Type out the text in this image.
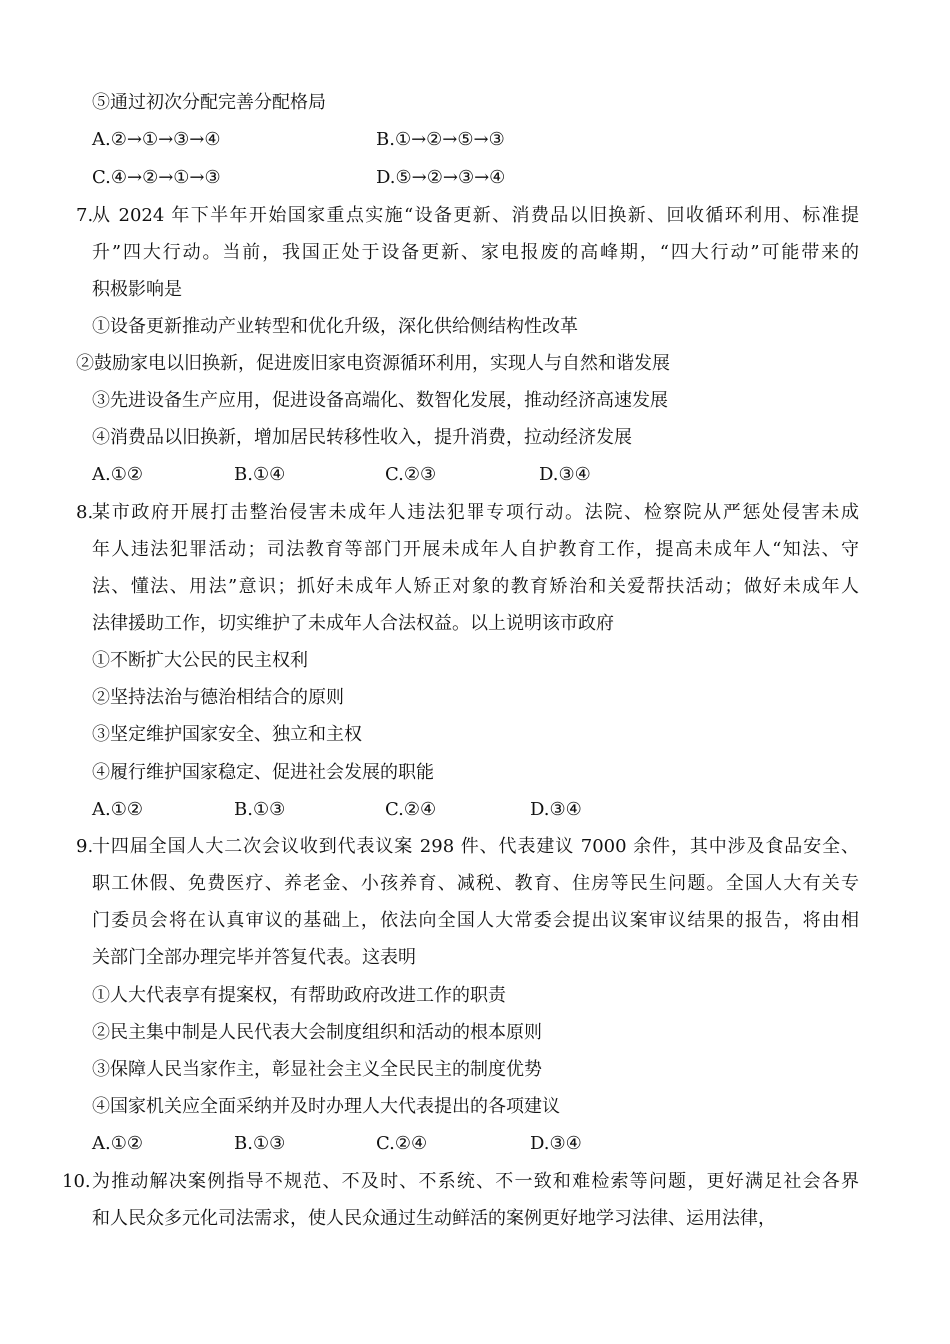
⑤通过初次分配完善分配格局
A.②→①→③→④	B.①→②→⑤→③
C.④→②→①→③	D.⑤→②→③→④
7.
从 2024 年下半年开始国家重点实施“设备更新、消费品以旧换新、回收循环利用、标准提
升”四大行动。当前，我国正处于设备更新、家电报废的高峰期，“四大行动”可能带来的
积极影响是
①设备更新推动产业转型和优化升级，深化供给侧结构性改革
②鼓励家电以旧换新，促进废旧家电资源循环利用，实现人与自然和谐发展
③先进设备生产应用，促进设备高端化、数智化发展，推动经济高速发展
④消费品以旧换新，增加居民转移性收入，提升消费，拉动经济发展
A.①②	B.①④	C.②③	D.③④
8.
某市政府开展打击整治侵害未成年人违法犯罪专项行动。法院、检察院从严惩处侵害未成
年人违法犯罪活动；司法教育等部门开展未成年人自护教育工作，提高未成年人“知法、守
法、懂法、用法”意识；抓好未成年人矫正对象的教育矫治和关爱帮扶活动；做好未成年人
法律援助工作，切实维护了未成年人合法权益。以上说明该市政府
①不断扩大公民的民主权利
②坚持法治与德治相结合的原则
③坚定维护国家安全、独立和主权
④履行维护国家稳定、促进社会发展的职能
A.①②	B.①③	C.②④	D.③④
9.
十四届全国人大二次会议收到代表议案 298 件、代表建议 7000 余件，其中涉及食品安全、
职工休假、免费医疗、养老金、小孩养育、减税、教育、住房等民生问题。全国人大有关专
门委员会将在认真审议的基础上，依法向全国人大常委会提出议案审议结果的报告，将由相
关部门全部办理完毕并答复代表。这表明
①人大代表享有提案权，有帮助政府改进工作的职责
②民主集中制是人民代表大会制度组织和活动的根本原则
③保障人民当家作主，彰显社会主义全民民主的制度优势
④国家机关应全面采纳并及时办理人大代表提出的各项建议
A.①②	B.①③	C.②④	D.③④
10. 为推动解决案例指导不规范、不及时、不系统、不一致和难检索等问题，更好满足社会各界
和人民众多元化司法需求，使人民众通过生动鲜活的案例更好地学习法律、运用法律，
